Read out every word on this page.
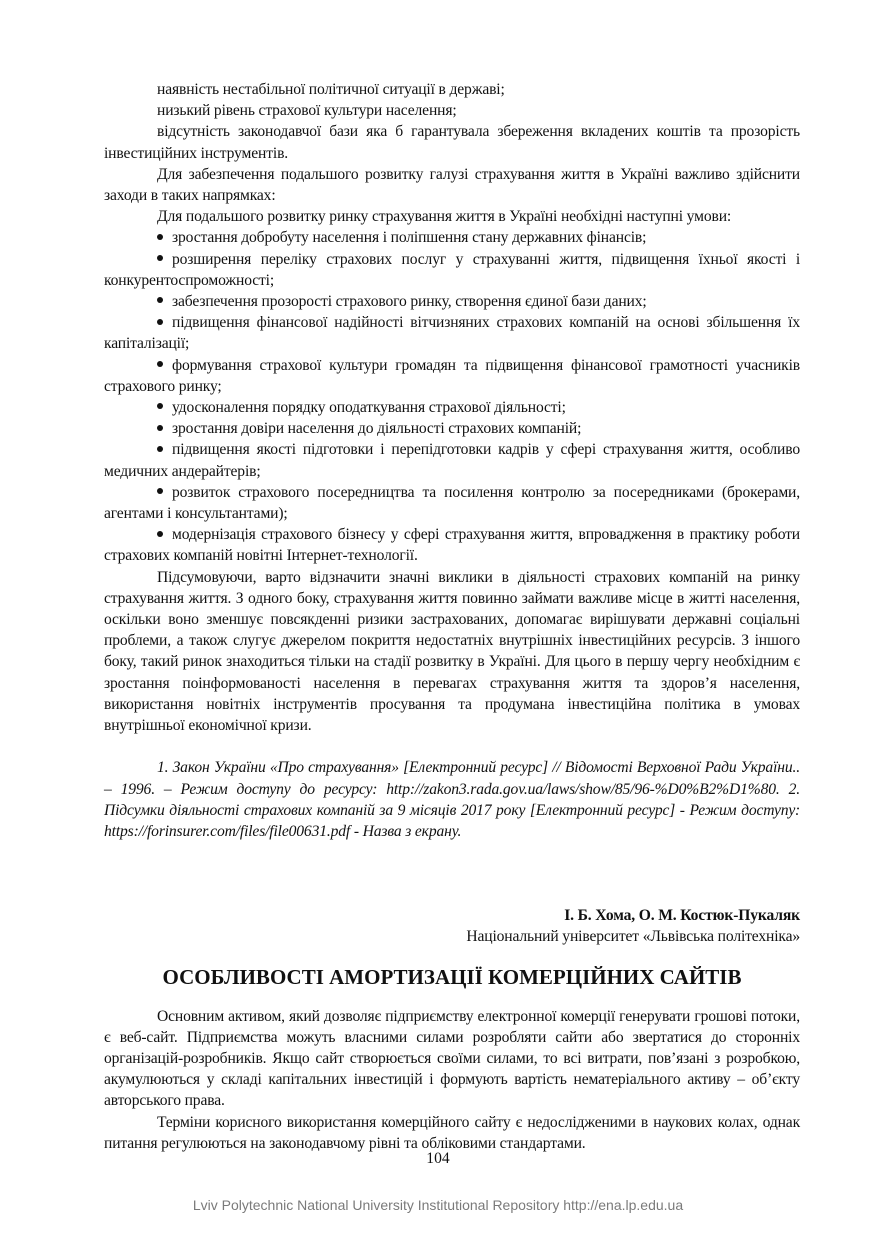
наявність нестабільної політичної ситуації в державі;

низький рівень страхової культури населення;

відсутність законодавчої бази яка б гарантувала збереження вкладених коштів та прозорість інвестиційних інструментів.

Для забезпечення подальшого розвитку галузі страхування життя в Україні важливо здійснити заходи в таких напрямках:

Для подальшого розвитку ринку страхування життя в Україні необхідні наступні умови:

зростання добробуту населення і поліпшення стану державних фінансів;

розширення переліку страхових послуг у страхуванні життя, підвищення їхньої якості і конкурентоспроможності;

забезпечення прозорості страхового ринку, створення єдиної бази даних;

підвищення фінансової надійності вітчизняних страхових компаній на основі збільшення їх капіталізації;

формування страхової культури громадян та підвищення фінансової грамотності учасників страхового ринку;

удосконалення порядку оподаткування страхової діяльності;

зростання довіри населення до діяльності страхових компаній;

підвищення якості підготовки і перепідготовки кадрів у сфері страхування життя, особливо медичних андерайтерів;

розвиток страхового посередництва та посилення контролю за посередниками (брокерами, агентами і консультантами);

модернізація страхового бізнесу у сфері страхування життя, впровадження в практику роботи страхових компаній новітні Інтернет-технології.

Підсумовуючи, варто відзначити значні виклики в діяльності страхових компаній на ринку страхування життя. З одного боку, страхування життя повинно займати важливе місце в житті населення, оскільки воно зменшує повсякденні ризики застрахованих, допомагає вирішувати державні соціальні проблеми, а також слугує джерелом покриття недостатніх внутрішніх інвестиційних ресурсів. З іншого боку, такий ринок знаходиться тільки на стадії розвитку в Україні. Для цього в першу чергу необхідним є зростання поінформованості населення в перевагах страхування життя та здоров’я населення, використання новітніх інструментів просування та продумана інвестиційна політика в умовах внутрішньої економічної кризи.

1. Закон України «Про страхування» [Електронний ресурс] // Відомості Верховної Ради України.. – 1996. – Режим доступу до ресурсу: http://zakon3.rada.gov.ua/laws/show/85/96-%D0%B2%D1%80. 2. Підсумки діяльності страхових компаній за 9 місяців 2017 року [Електронний ресурс] - Режим доступу: https://forinsurer.com/files/file00631.pdf - Назва з екрану.

І. Б. Хома, О. М. Костюк-Пукаляк
Національний університет «Львівська політехніка»
ОСОБЛИВОСТІ АМОРТИЗАЦІЇ КОМЕРЦІЙНИХ САЙТІВ

Основним активом, який дозволяє підприємству електронної комерції генерувати грошові потоки, є веб-сайт. Підприємства можуть власними силами розробляти сайти або звертатися до сторонніх організацій-розробників. Якщо сайт створюється своїми силами, то всі витрати, пов’язані з розробкою, акумулюються у складі капітальних інвестицій і формують вартість нематеріального активу – об’єкту авторського права.

Терміни корисного використання комерційного сайту є недослідженими в наукових колах, однак питання регулюються на законодавчому рівні та обліковими стандартами.

104
Lviv Polytechnic National University Institutional Repository http://ena.lp.edu.ua
